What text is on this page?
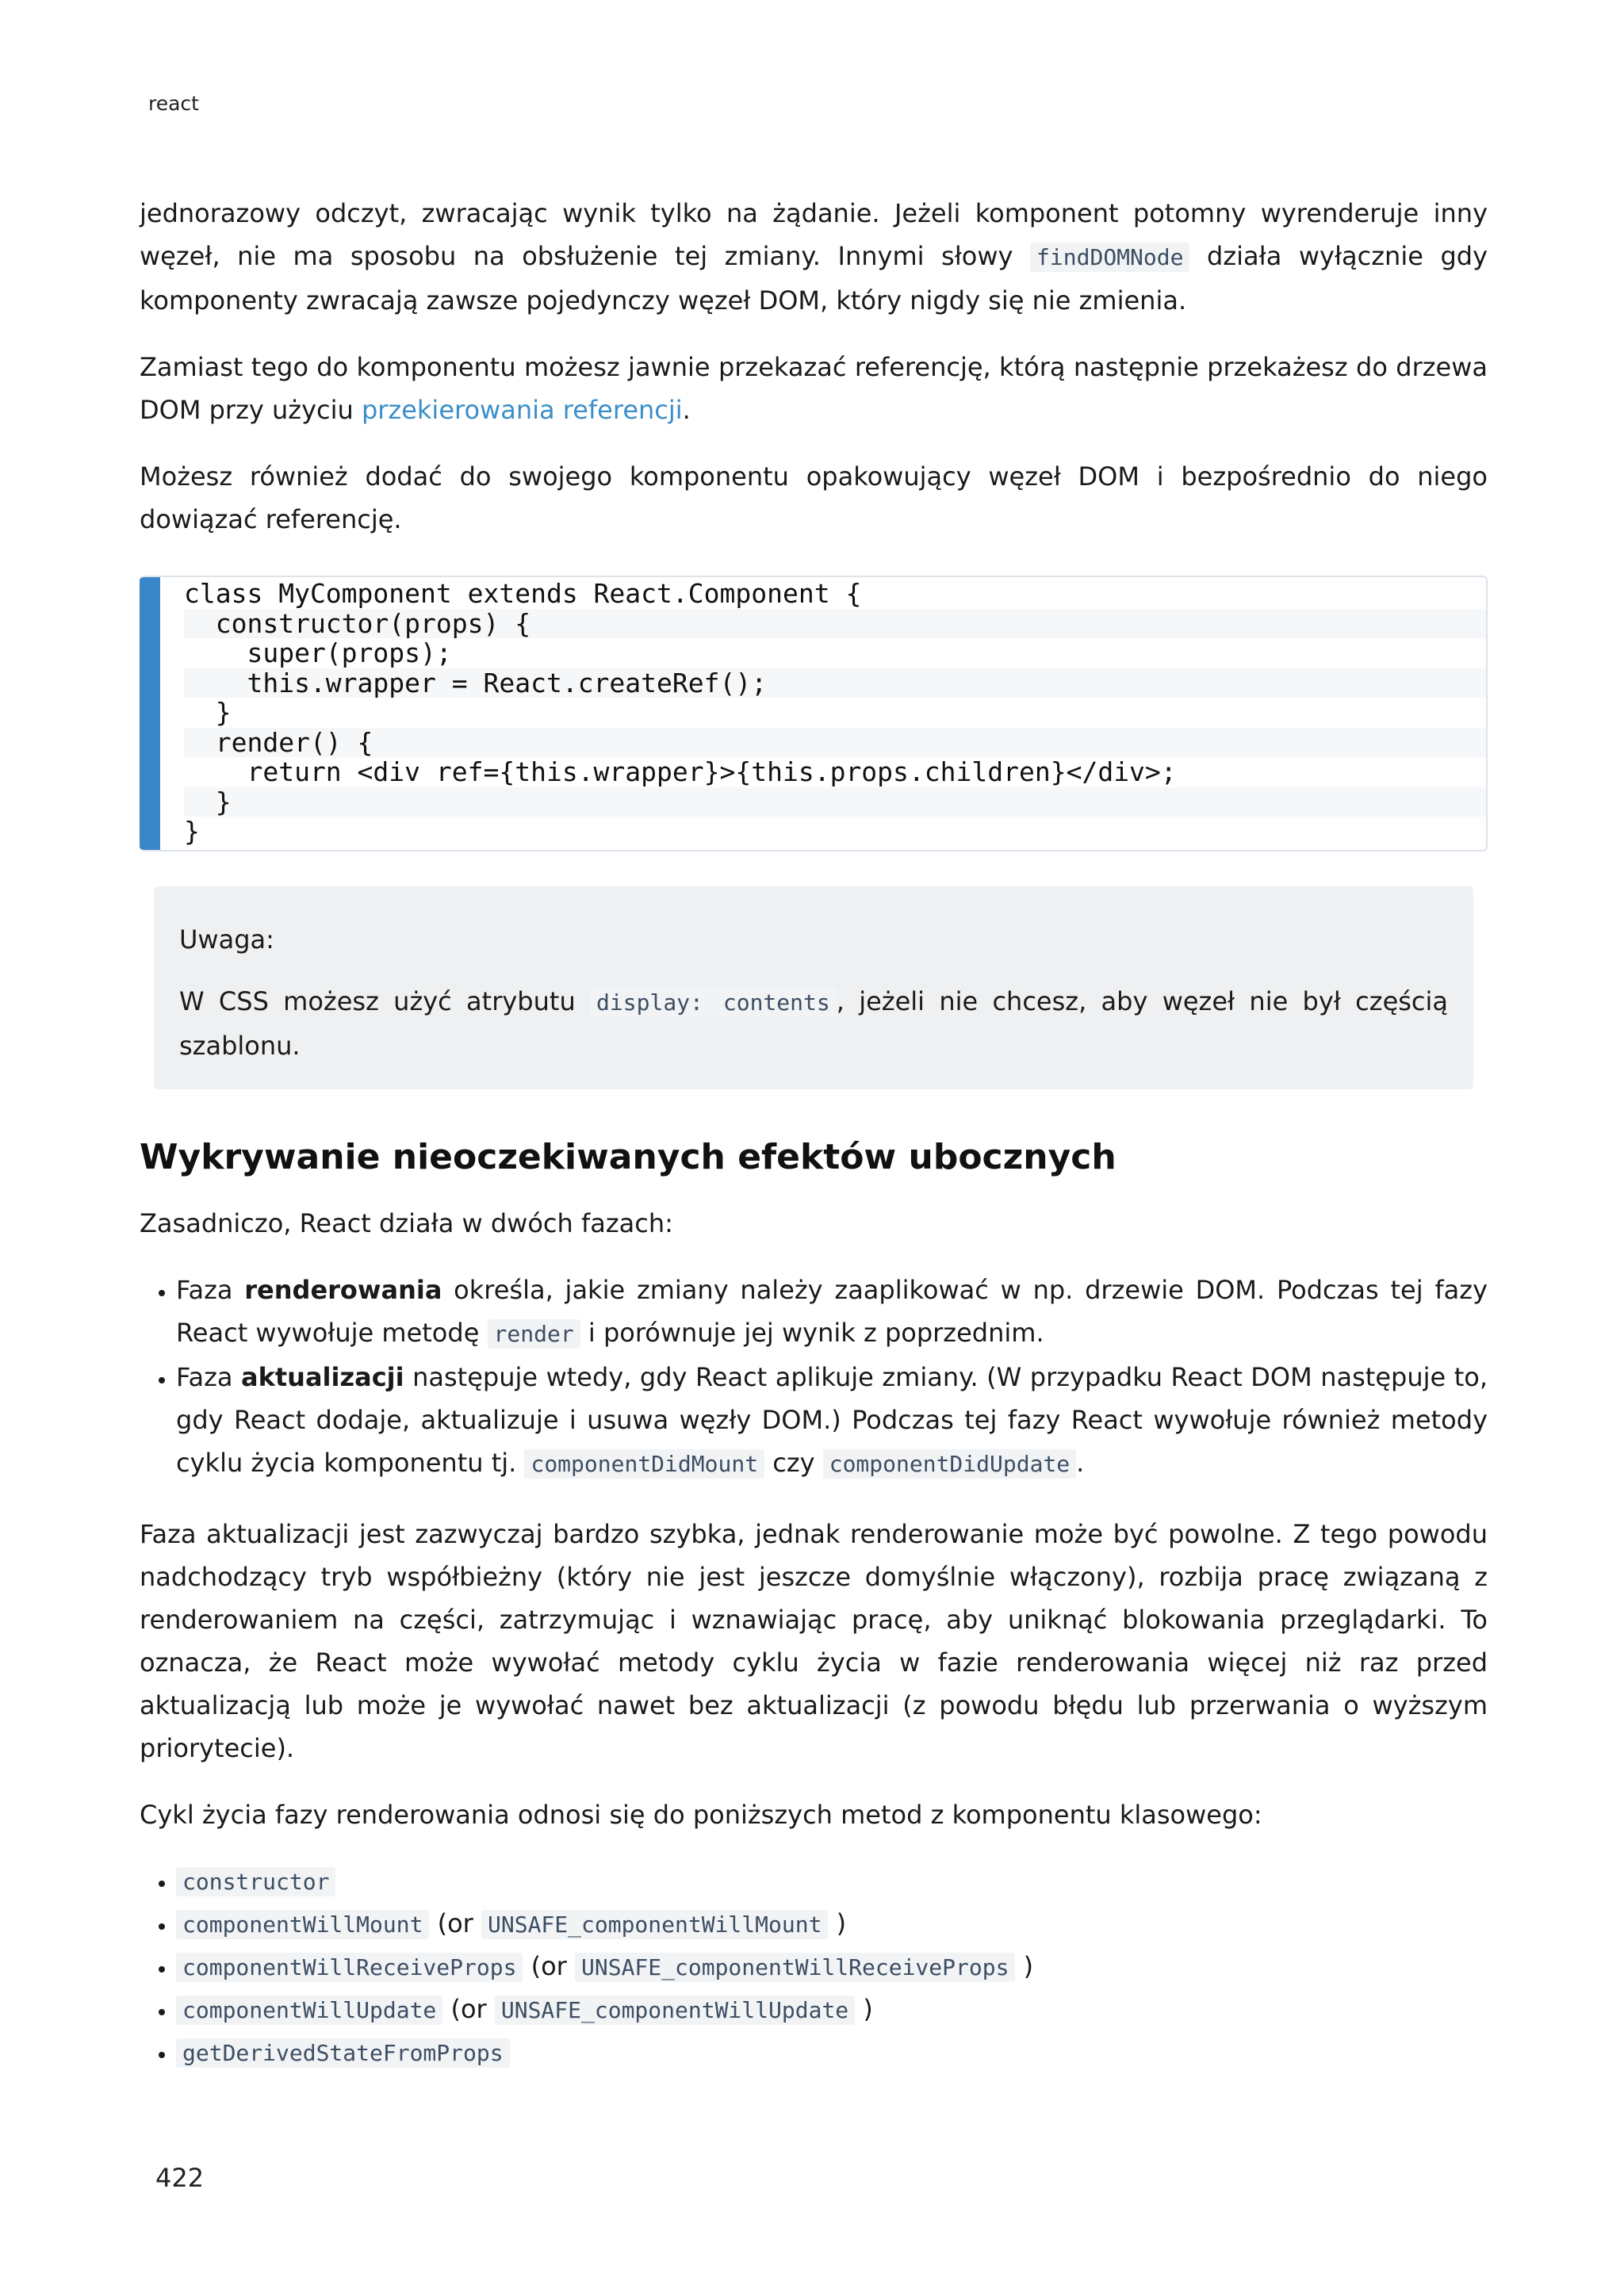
react

jednorazowy odczyt, zwracając wynik tylko na żądanie. Jeżeli komponent potomny wyrenderuje inny węzeł, nie ma sposobu na obsłużenie tej zmiany. Innymi słowy findDOMNode działa wyłącznie gdy komponenty zwracają zawsze pojedynczy węzeł DOM, który nigdy się nie zmienia.

Zamiast tego do komponentu możesz jawnie przekazać referencję, którą następnie przekażesz do drzewa DOM przy użyciu przekierowania referencji.

Możesz również dodać do swojego komponentu opakowujący węzeł DOM i bezpośrednio do niego dowiązać referencję.

class MyComponent extends React.Component {
constructor(props) {
super(props);
this.wrapper = React.createRef();
}
render() {
return <div ref={this.wrapper}>{this.props.children}</div>;
}
}

Uwaga:

W CSS możesz użyć atrybutu display: contents , jeżeli nie chcesz, aby węzeł nie był częścią szablonu.

Wykrywanie nieoczekiwanych efektów ubocznych

Zasadniczo, React działa w dwóch fazach:

• Faza renderowania określa, jakie zmiany należy zaaplikować w np. drzewie DOM. Podczas tej fazy React wywołuje metodę render i porównuje jej wynik z poprzednim.
• Faza aktualizacji następuje wtedy, gdy React aplikuje zmiany. (W przypadku React DOM następuje to, gdy React dodaje, aktualizuje i usuwa węzły DOM.) Podczas tej fazy React wywołuje również metody cyklu życia komponentu tj. componentDidMount czy componentDidUpdate .

Faza aktualizacji jest zazwyczaj bardzo szybka, jednak renderowanie może być powolne. Z tego powodu nadchodzący tryb współbieżny (który nie jest jeszcze domyślnie włączony), rozbija pracę związaną z renderowaniem na części, zatrzymując i wznawiając pracę, aby uniknąć blokowania przeglądarki. To oznacza, że React może wywołać metody cyklu życia w fazie renderowania więcej niż raz przed aktualizacją lub może je wywołać nawet bez aktualizacji (z powodu błędu lub przerwania o wyższym priorytecie).

Cykl życia fazy renderowania odnosi się do poniższych metod z komponentu klasowego:

• constructor
• componentWillMount (or UNSAFE_componentWillMount )
• componentWillReceiveProps (or UNSAFE_componentWillReceiveProps )
• componentWillUpdate (or UNSAFE_componentWillUpdate )
• getDerivedStateFromProps
422
